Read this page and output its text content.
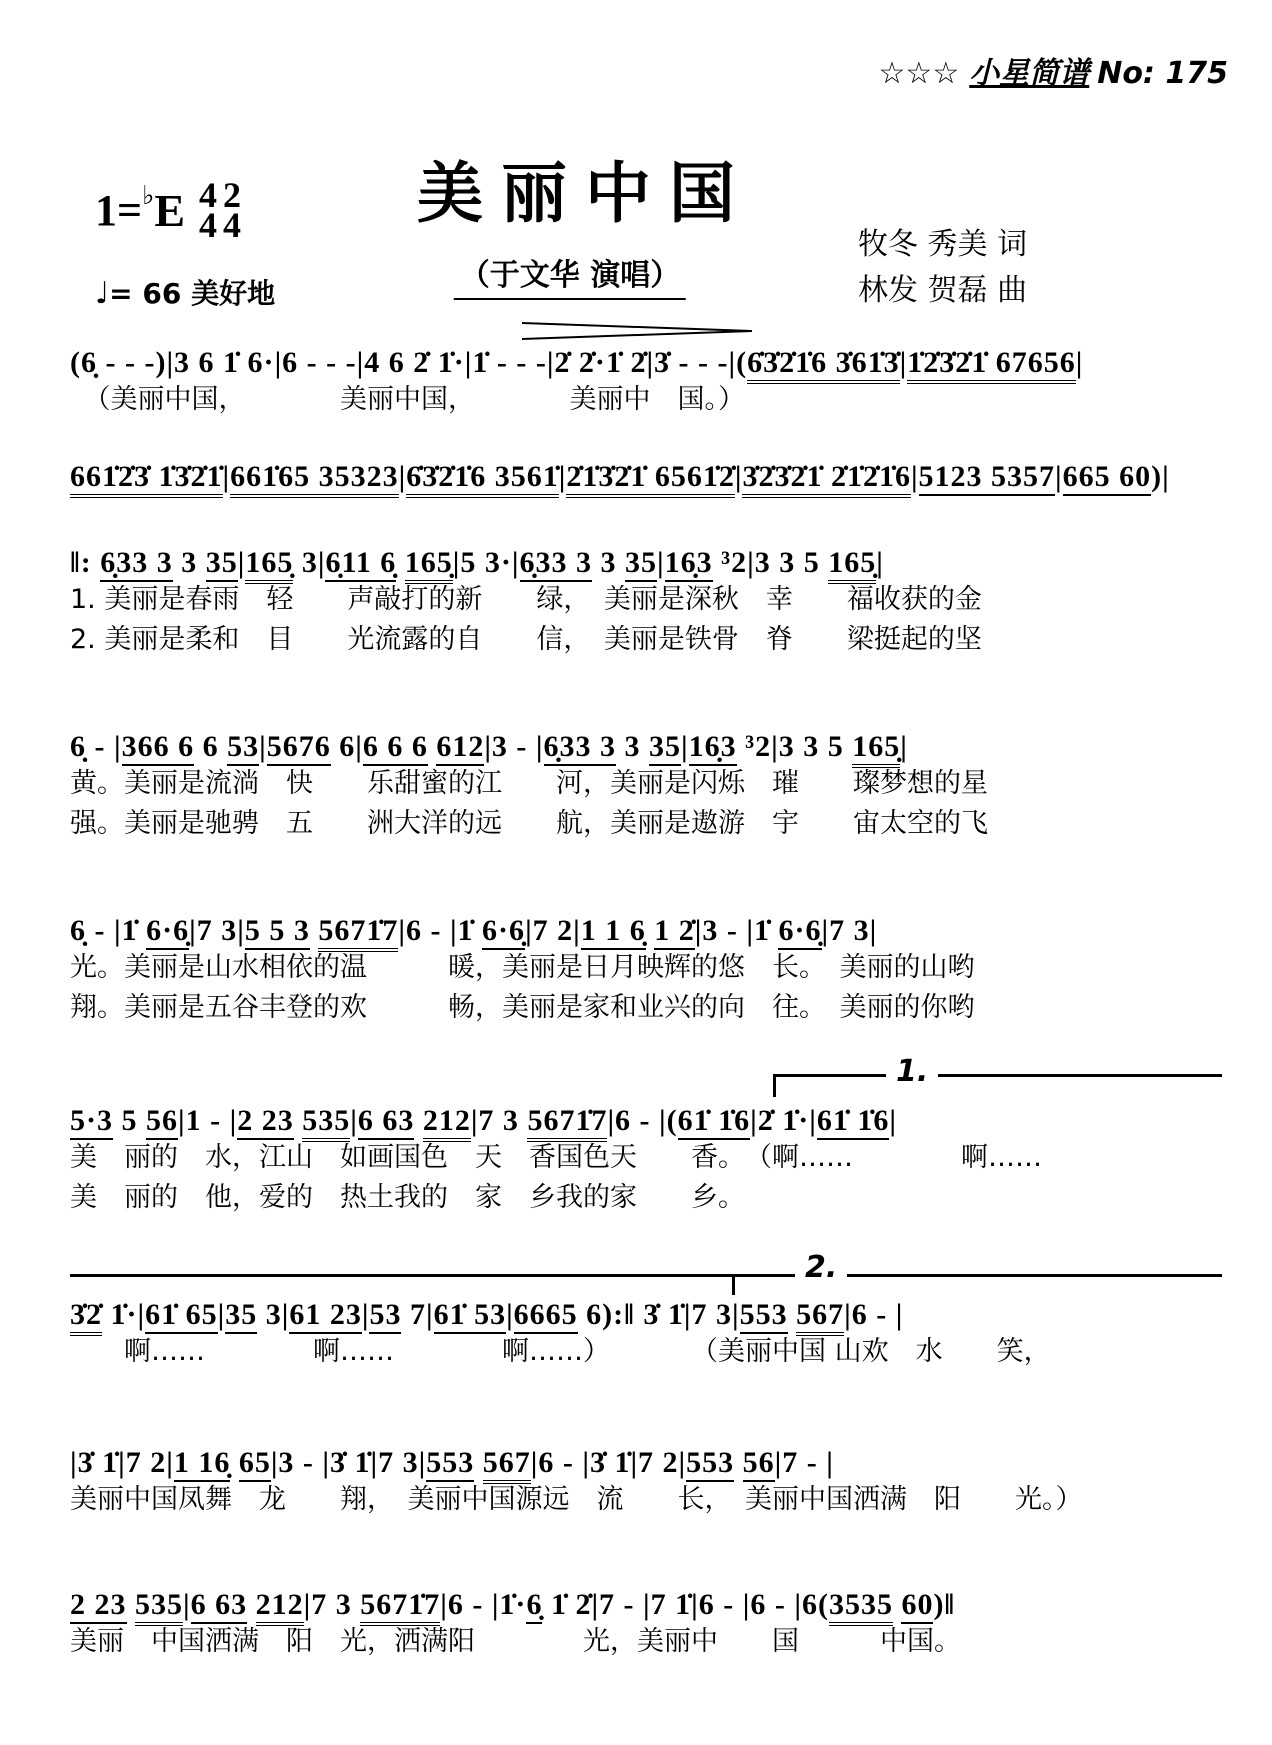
☆☆☆ 小星简谱 No: 175
美丽中国
（于文华 演唱）
1= ♭ E 4
4
2
4
♩= 66 美好地
牧冬 秀美 词
林发 贺磊 曲
(6̣ - - -)|3 6 1̇ 6·|6 - - -|4 6 2̇ 1̇·|1̇ - - -|2̇ 2̇·1̇ 2̇|3̇ - - -|(6̇3̇2̇1̇6 3̇61̇3̇|1̇2̇3̇2̇1̇ 67656|
　（美丽中国，　　　　美丽中国，　　　　美丽中　国。）
661̇2̇3̇ 1̇3̇2̇1̇|661̇65 35323|6̇3̇2̇1̇6 3561̇|2̇1̇3̇2̇1̇ 6561̇2̇|3̇2̇3̇2̇1̇ 2̇1̇2̇1̇6|5123 5357|665 60)|
‖: 6̣33 3 3 35|165̣ 3|6̣11 6̣ 165̣|5 3·|6̣33 3 3 35|16̣3 ³2|3 3 5 165̣|
1. 美丽是春雨　轻　　声敲打的新　　绿，　美丽是深秋　幸　　福收获的金
2. 美丽是柔和　目　　光流露的自　　信，　美丽是铁骨　脊　　梁挺起的坚
6̣ - |366 6 6 53|5676 6|6 6 6 612|3 - |6̣33 3 3 35|16̣3 ³2|3 3 5 165̣|
黄。美丽是流淌　快　　乐甜蜜的江　　河，美丽是闪烁　璀　　璨梦想的星
强。美丽是驰骋　五　　洲大洋的远　　航，美丽是遨游　宇　　宙太空的飞
6̣ - |1̇ 6·6̣|7 3|5 5 3 5671̇7|6 - |1̇ 6·6̣|7 2|1 1 6̣ 1 2̇|3 - |1̇ 6·6̣|7 3|
光。美丽是山水相依的温　　　暖，美丽是日月映辉的悠　长。　美丽的山哟
翔。美丽是五谷丰登的欢　　　畅，美丽是家和业兴的向　往。　美丽的你哟
1.
5·3 5 56|1 - |2 23 535|6 63 212|7 3 5671̇7|6 - |(61̇ 1̇6|2̇ 1̇·|61̇ 1̇6|
美　丽的　水，江山　如画国色　天　香国色天　　香。　（啊……　　　　啊……
美　丽的　他，爱的　热土我的　家　乡我的家　　乡。
2.
3̇2̇ 1̇·|61̇ 65|35 3|61 23|53 7|61̇ 53|6665 6):‖ 3̇ 1̇|7 3|553 567|6 - |
　　啊……　　　　啊……　　　　啊……）　　　　（美丽中国 山欢　水　　笑，
|3̇ 1̇|7 2|1 16̣ 65|3 - |3̇ 1̇|7 3|553 567|6 - |3̇ 1̇|7 2|553 56|7 - |
美丽中国凤舞　龙　　翔，　美丽中国源远　流　　长，　美丽中国洒满　阳　　光。）
2 23 535|6 63 212|7 3 5671̇7|6 - |1̇·6̣ 1̇ 2̇|7 - |7 1̇|6 - |6 - |6(3535 60)‖
美丽　中国洒满　阳　光，洒满阳　　　　光，美丽中　　国　　　中国。
